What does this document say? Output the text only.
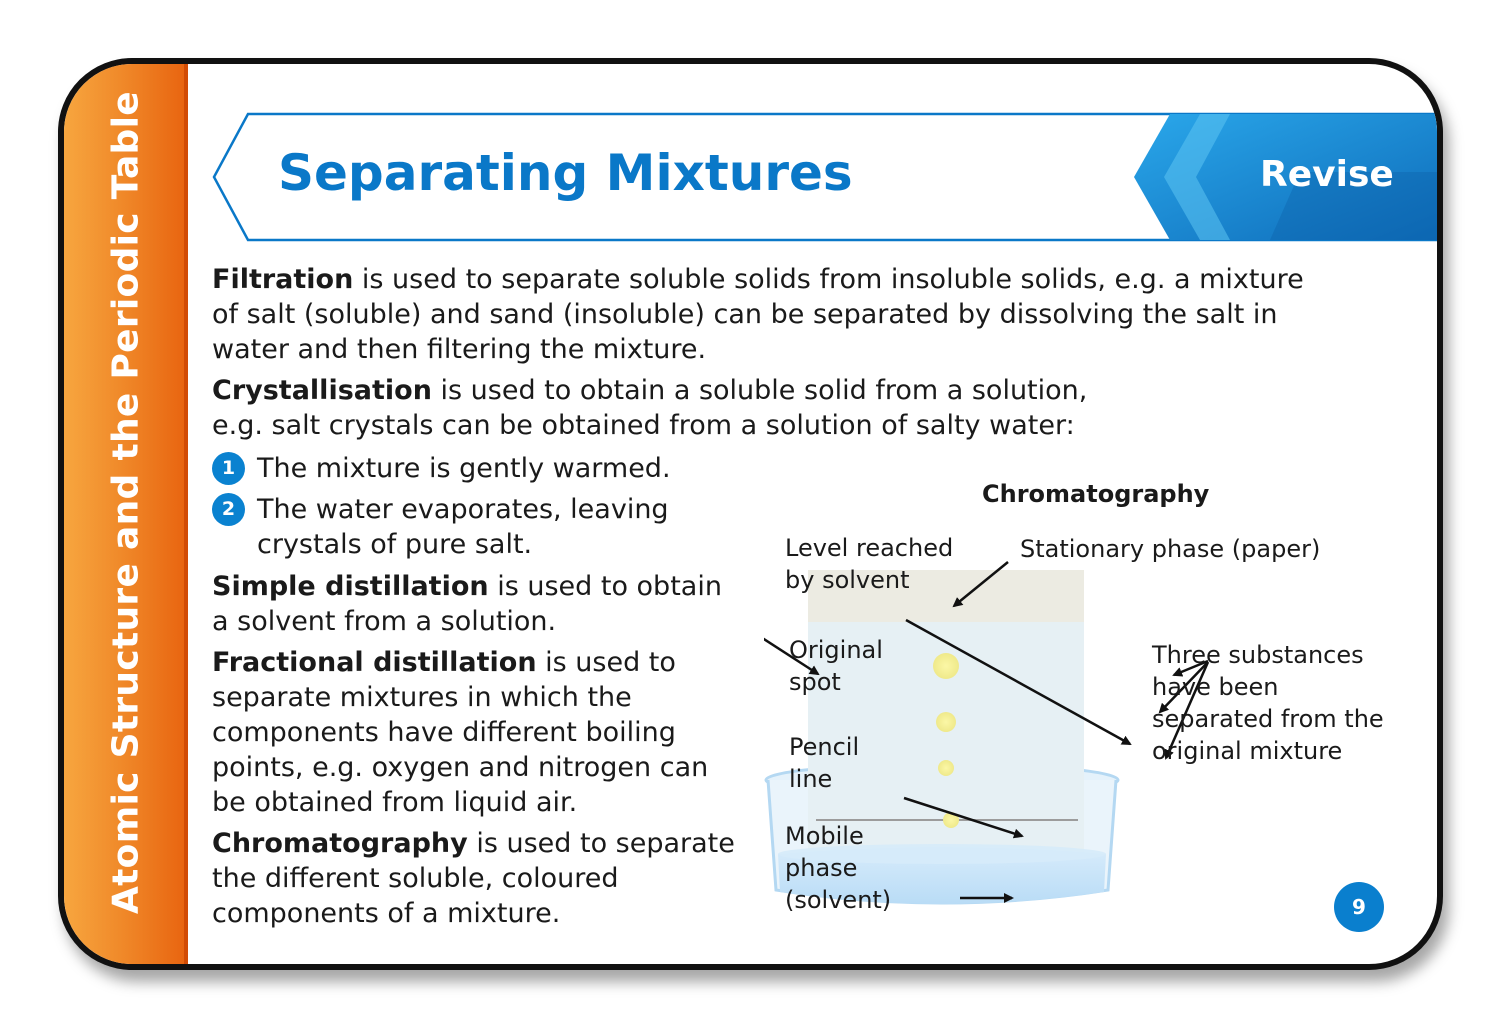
Atomic Structure and the Periodic Table	Separating Mixtures	Revise
Filtration is used to separate soluble solids from insoluble solids, e.g. a mixture
of salt (soluble) and sand (insoluble) can be separated by dissolving the salt in
water and then filtering the mixture.
Crystallisation is used to obtain a soluble solid from a solution,
e.g. salt crystals can be obtained from a solution of salty water:
1 The mixture is gently warmed.
2 The water evaporates, leaving
crystals of pure salt.
Simple distillation is used to obtain
a solvent from a solution.
Fractional distillation is used to
separate mixtures in which the
components have different boiling
points, e.g. oxygen and nitrogen can
be obtained from liquid air.
Chromatography is used to separate
the different soluble, coloured
components of a mixture.
Chromatography
Level reached
by solvent
Stationary phase (paper)
Original
spot
Pencil
line
Mobile
phase
(solvent)
Three substances
have been
separated from the
original mixture
9
